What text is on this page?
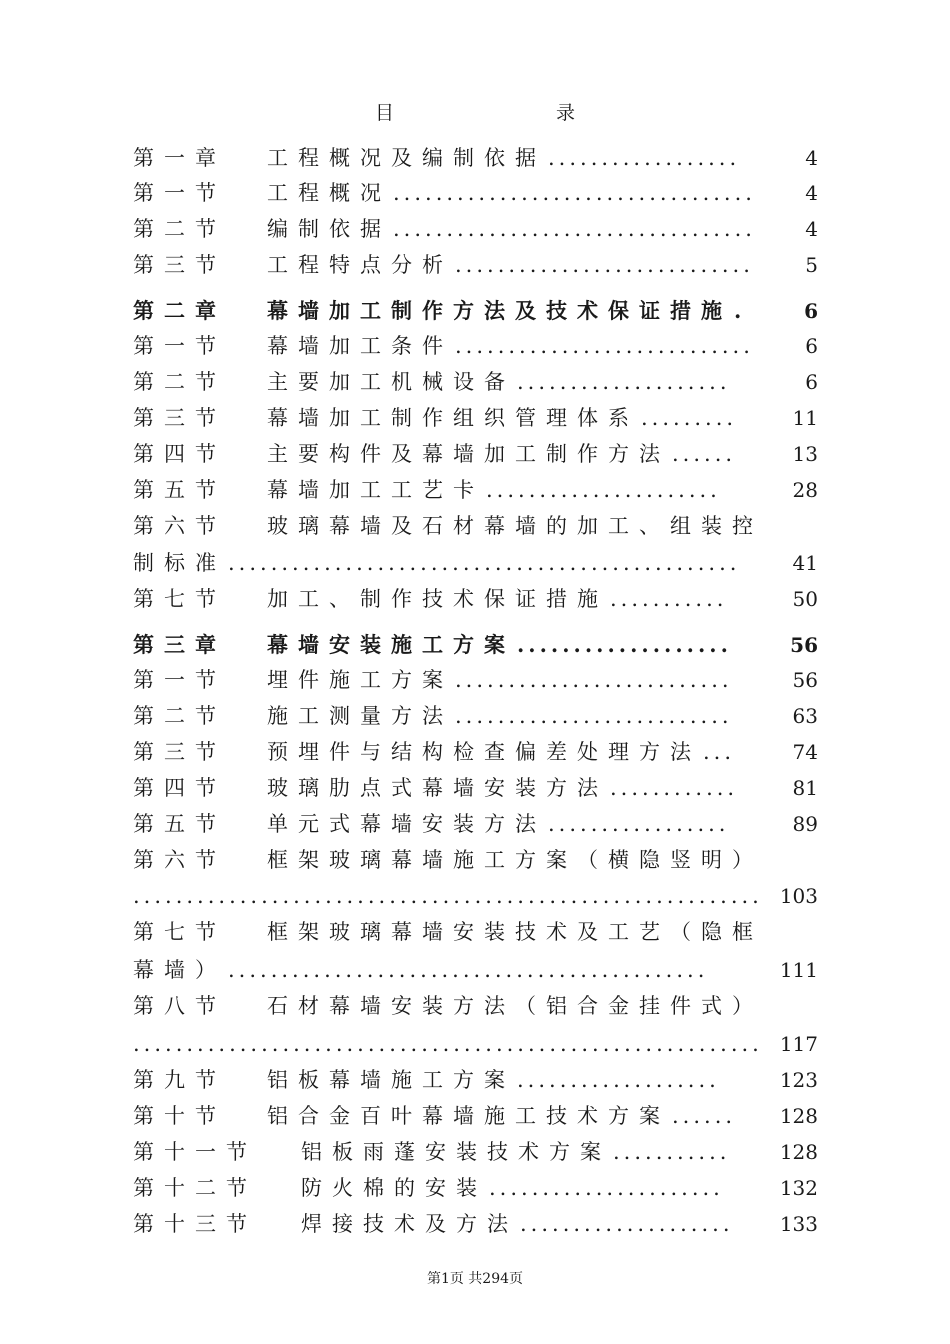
目 录
第一章 工程概况及编制依据 ..................	4
第一节 工程概况 ..................................	4
第二节 编制依据 ..................................	4
第三节 工程特点分析 ............................	5
第二章 幕墙加工制作方法及技术保证措施 .	6
第一节 幕墙加工条件 ............................	6
第二节 主要加工机械设备 ....................	6
第三节 幕墙加工制作组织管理体系 .........	11
第四节 主要构件及幕墙加工制作方法 ......	13
第五节 幕墙加工工艺卡 ......................	28
第六节 玻璃幕墙及石材幕墙的加工、组装控
制标准 ................................................	41
第七节 加工、制作技术保证措施 ...........	50
第三章 幕墙安装施工方案 ...................	56
第一节 埋件施工方案 ..........................	56
第二节 施工测量方法 ..........................	63
第三节 预埋件与结构检查偏差处理方法 ...	74
第四节 玻璃肋点式幕墙安装方法 ............	81
第五节 单元式幕墙安装方法 .................	89
第六节 框架玻璃幕墙施工方案（横隐竖明）
........................................................... 103
第七节 框架玻璃幕墙安装技术及工艺（隐框
幕墙） .............................................	111
第八节 石材幕墙安装方法（铝合金挂件式）
........................................................... 117
第九节 铝板幕墙施工方案 ...................	123
第十节 铝合金百叶幕墙施工技术方案 ......	128
第十一节 铝板雨蓬安装技术方案 ...........	128
第十二节 防火棉的安装 ......................	132
第十三节 焊接技术及方法 ....................	133
第1页 共294页
